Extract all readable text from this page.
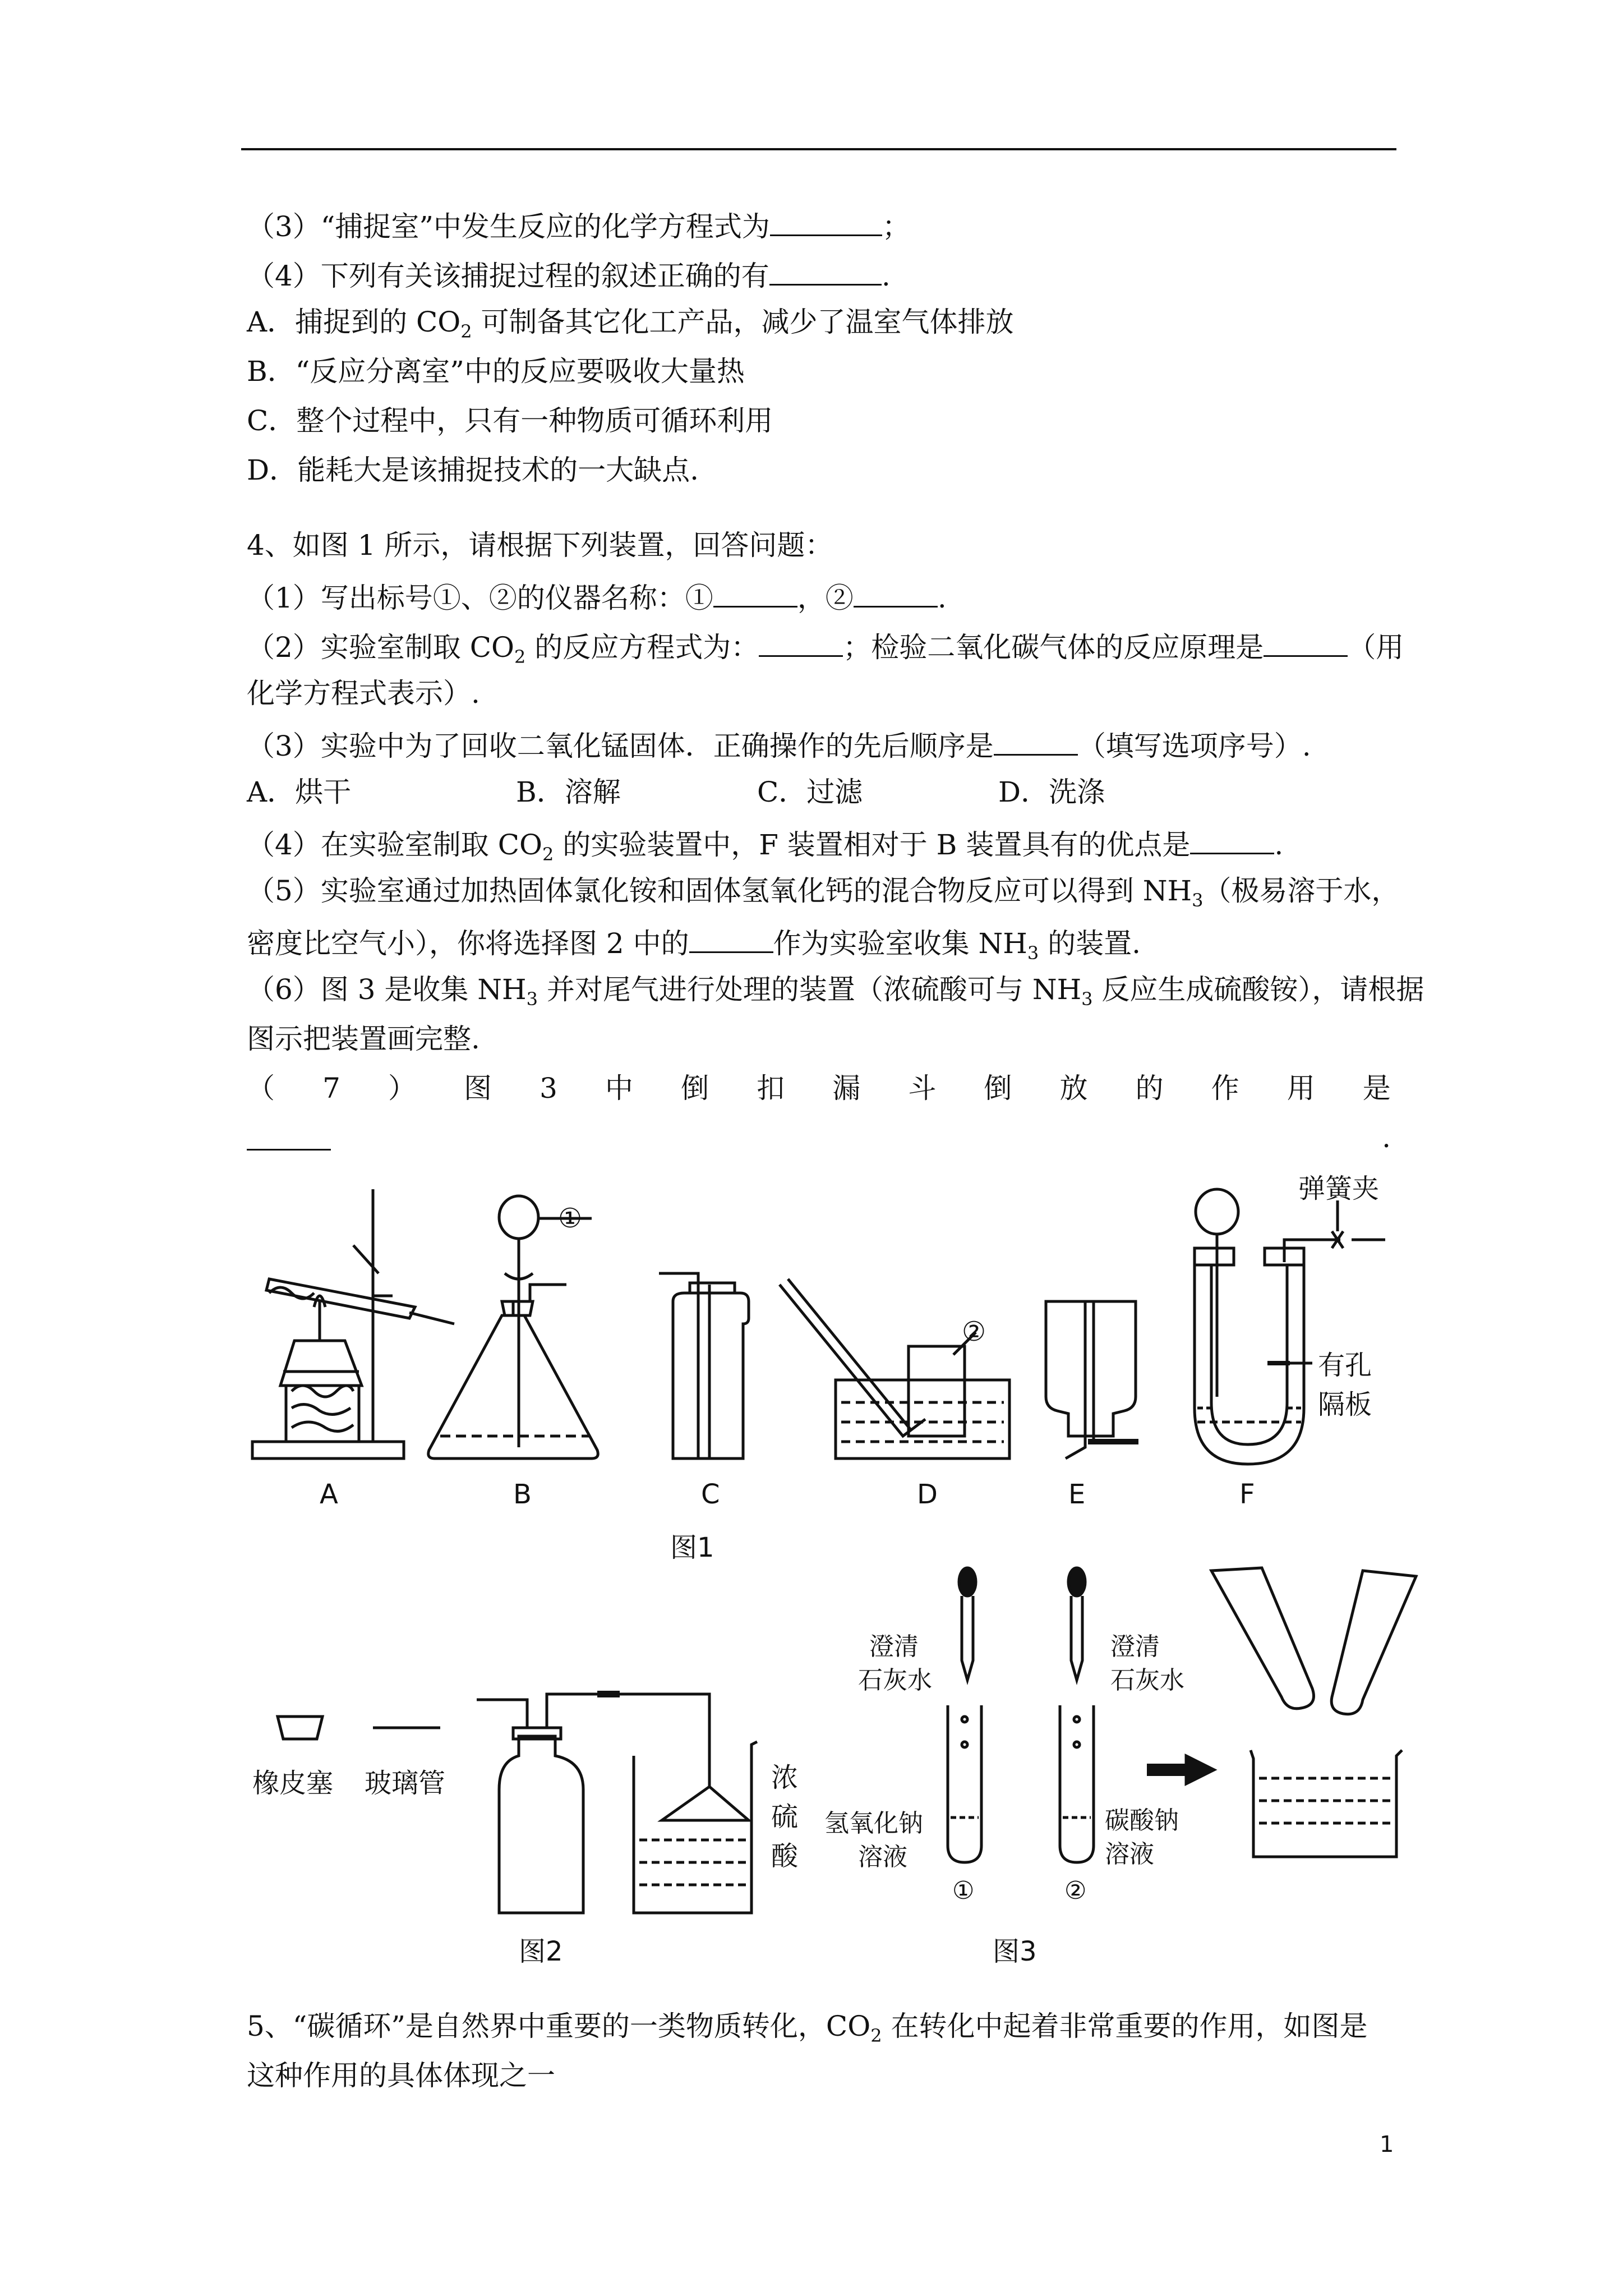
（3）“捕捉室”中发生反应的化学方程式为	；
（4）下列有关该捕捉过程的叙述正确的有	.
A．捕捉到的 $CO_2$ 可制备其它化工产品，减少了温室气体排放
B．“反应分离室”中的反应要吸收大量热
C．整个过程中，只有一种物质可循环利用
D．能耗大是该捕捉技术的一大缺点.
4、如图 1 所示，请根据下列装置，回答问题：
（1）写出标号①、②的仪器名称：①	，②	.
（2）实验室制取 $CO_2$ 的反应方程式为：	；检验二氧化碳气体的反应原理是	（用
化学方程式表示）.
（3）实验中为了回收二氧化锰固体．正确操作的先后顺序是	（填写选项序号）.
A．烘干	B．溶解	C．过滤	D．洗涤
（4）在实验室制取 $CO_2$ 的实验装置中，F 装置相对于 B 装置具有的优点是	.
（5）实验室通过加热固体氯化铵和固体氢氧化钙的混合物反应可以得到 $NH_3$（极易溶于水，
密度比空气小），你将选择图 2 中的	作为实验室收集 $NH_3$ 的装置.
（6）图 3 是收集 $NH_3$ 并对尾气进行处理的装置（浓硫酸可与 $NH_3$ 反应生成硫酸铵），请根据
图示把装置画完整.
（ 7 ） 图 3 中 倒 扣 漏 斗 倒 放 的 作 用 是
.
①
②
弹簧夹
有孔
隔板
A	B	C	D	E	F
图1
橡皮塞 玻璃管	浓
硫
酸
图2
澄清
石灰水
澄清
石灰水
氢氧化钠
溶液
碳酸钠
溶液
①	②
图3
5、“碳循环”是自然界中重要的一类物质转化，$CO_2$ 在转化中起着非常重要的作用，如图是
这种作用的具体体现之一
1
